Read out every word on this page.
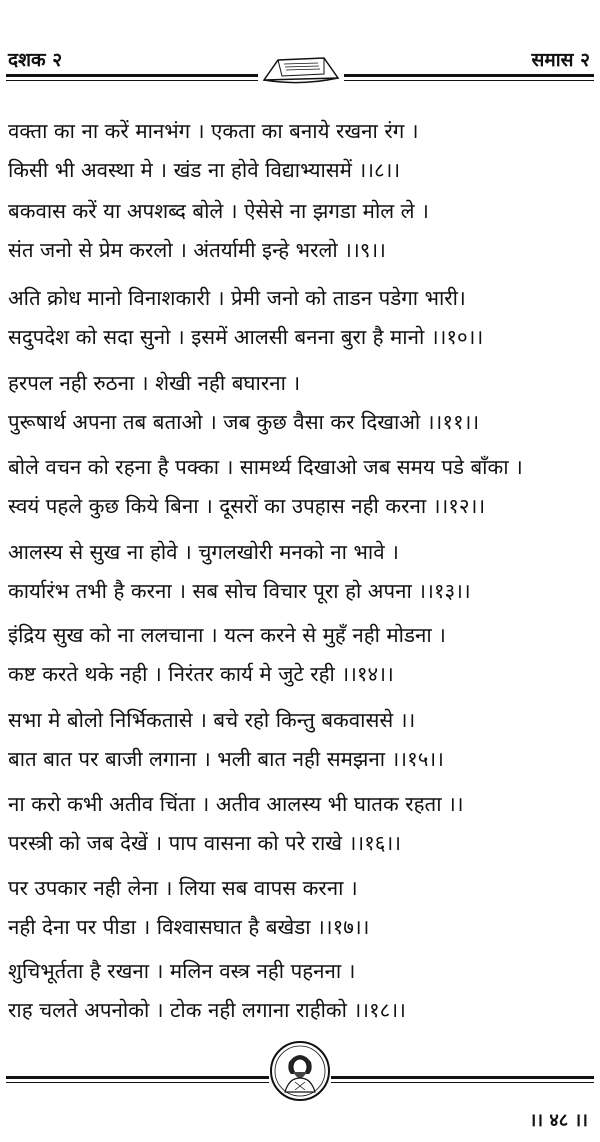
दशक २	समास २
वक्ता का ना करें मानभंग । एकता का बनाये रखना रंग ।
किसी भी अवस्था मे । खंड ना होवे विद्याभ्यासमें ।।८।।
बकवास करें या अपशब्द बोले । ऐसेसे ना झगडा मोल ले ।
संत जनो से प्रेम करलो । अंतर्यामी इन्हे भरलो ।।९।।
अति क्रोध मानो विनाशकारी । प्रेमी जनो को ताडन पडेगा भारी।
सदुपदेश को सदा सुनो । इसमें आलसी बनना बुरा है मानो ।।१०।।
हरपल नही रुठना । शेखी नही बघारना ।
पुरूषार्थ अपना तब बताओ । जब कुछ वैसा कर दिखाओ ।।११।।
बोले वचन को रहना है पक्का । सामर्थ्य दिखाओ जब समय पडे बाँका ।
स्वयं पहले कुछ किये बिना । दूसरों का उपहास नही करना ।।१२।।
आलस्य से सुख ना होवे । चुगलखोरी मनको ना भावे ।
कार्यारंभ तभी है करना । सब सोच विचार पूरा हो अपना ।।१३।।
इंद्रिय सुख को ना ललचाना । यत्न करने से मुहँ नही मोडना ।
कष्ट करते थके नही । निरंतर कार्य मे जुटे रही ।।१४।।
सभा मे बोलो निर्भिकतासे । बचे रहो किन्तु बकवाससे ।।
बात बात पर बाजी लगाना । भली बात नही समझना ।।१५।।
ना करो कभी अतीव चिंता । अतीव आलस्य भी घातक रहता ।।
परस्त्री को जब देखें । पाप वासना को परे राखे ।।१६।।
पर उपकार नही लेना । लिया सब वापस करना ।
नही देना पर पीडा । विश्वासघात है बखेडा ।।१७।।
शुचिभूर्तता है रखना । मलिन वस्त्र नही पहनना ।
राह चलते अपनोको । टोक नही लगाना राहीको ।।१८।।
।। ४८ ।।
